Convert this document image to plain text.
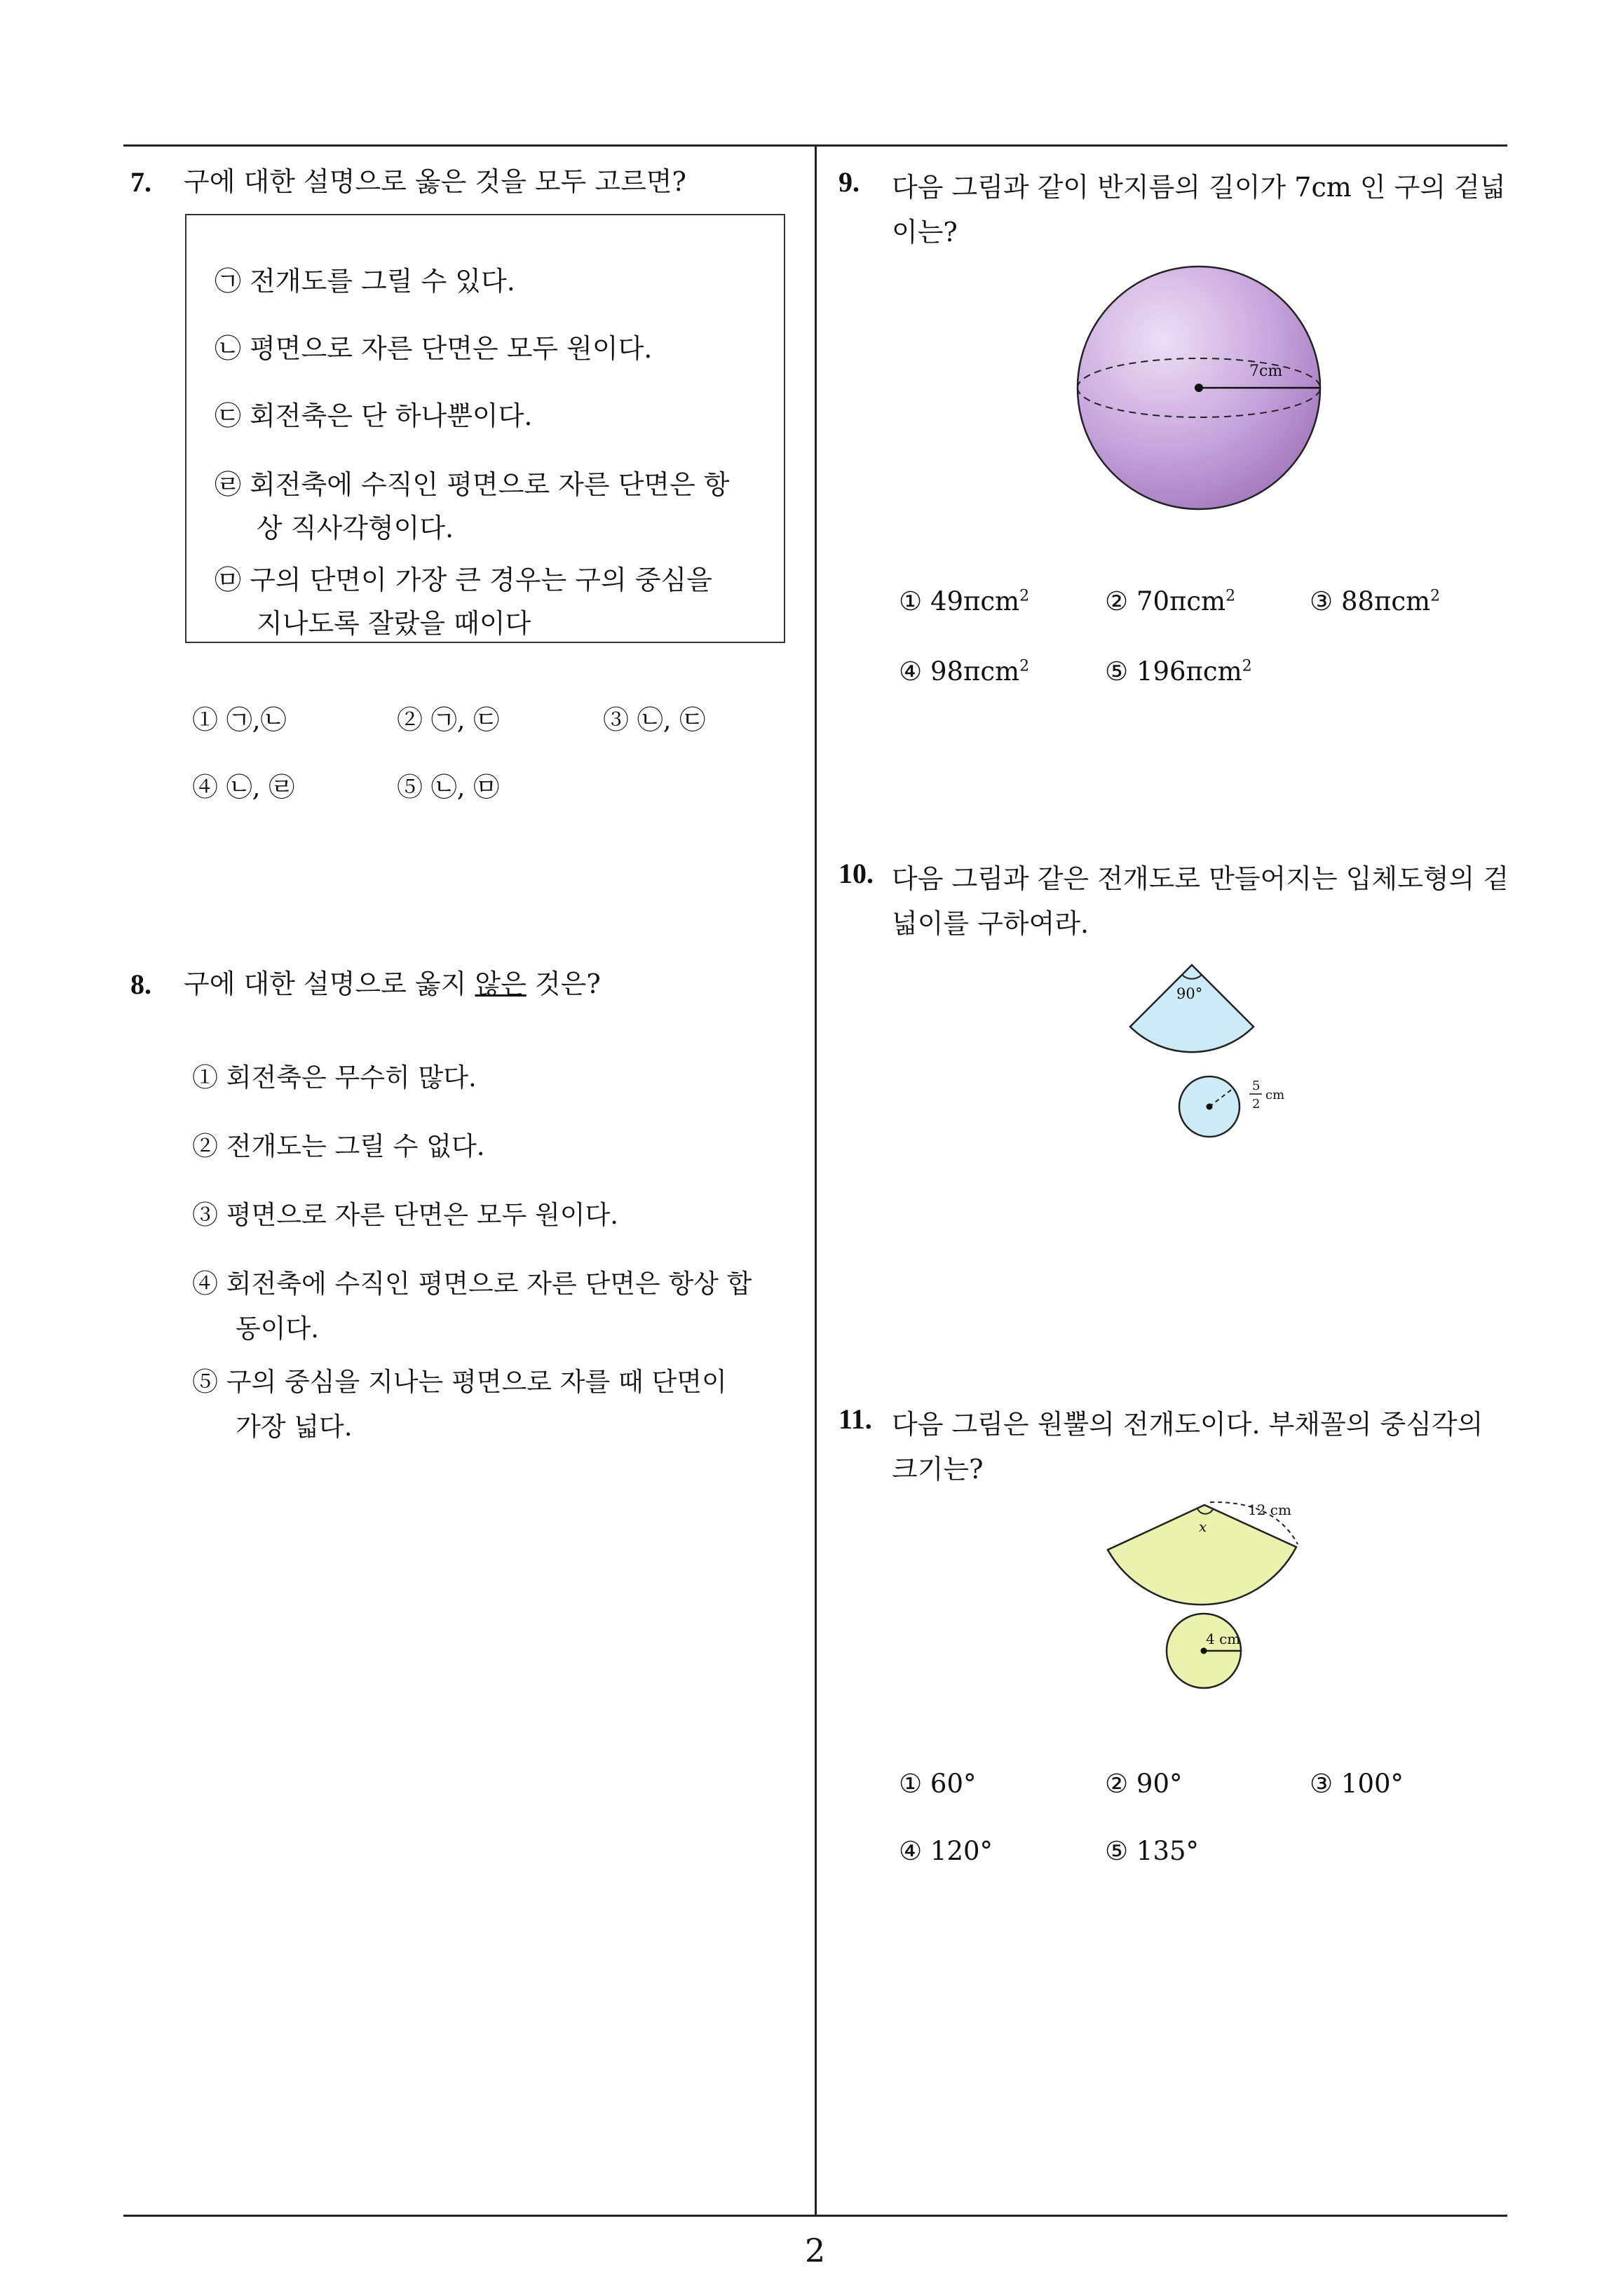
2
7. 구에 대한 설명으로 옳은 것을 모두 고르면?
㉠ 전개도를 그릴 수 있다.
㉡ 평면으로 자른 단면은 모두 원이다.
㉢ 회전축은 단 하나뿐이다.
㉣ 회전축에 수직인 평면으로 자른 단면은 항
상 직사각형이다.
㉤ 구의 단면이 가장 큰 경우는 구의 중심을
지나도록 잘랐을 때이다
① ㉠,㉡	② ㉠, ㉢	③ ㉡, ㉢
④ ㉡, ㉣	⑤ ㉡, ㉤
8. 구에 대한 설명으로 옳지 않은 것은?
① 회전축은 무수히 많다.
② 전개도는 그릴 수 없다.
③ 평면으로 자른 단면은 모두 원이다.
④ 회전축에 수직인 평면으로 자른 단면은 항상 합
동이다.
⑤ 구의 중심을 지나는 평면으로 자를 때 단면이
가장 넓다.
9. 다음 그림과 같이 반지름의 길이가 7cm 인 구의 겉넓
이는?
7cm
① 49πcm$^2$	② 70πcm$^2$	③ 88πcm$^2$
④ 98πcm$^2$	⑤ 196πcm$^2$
10. 다음 그림과 같은 전개도로 만들어지는 입체도형의 겉
넓이를 구하여라.
90°
5
2
cm
11. 다음 그림은 원뿔의 전개도이다. 부채꼴의 중심각의
크기는?
x
12 cm
4 cm
① 60°	② 90°	③ 100°
④ 120°	⑤ 135°
